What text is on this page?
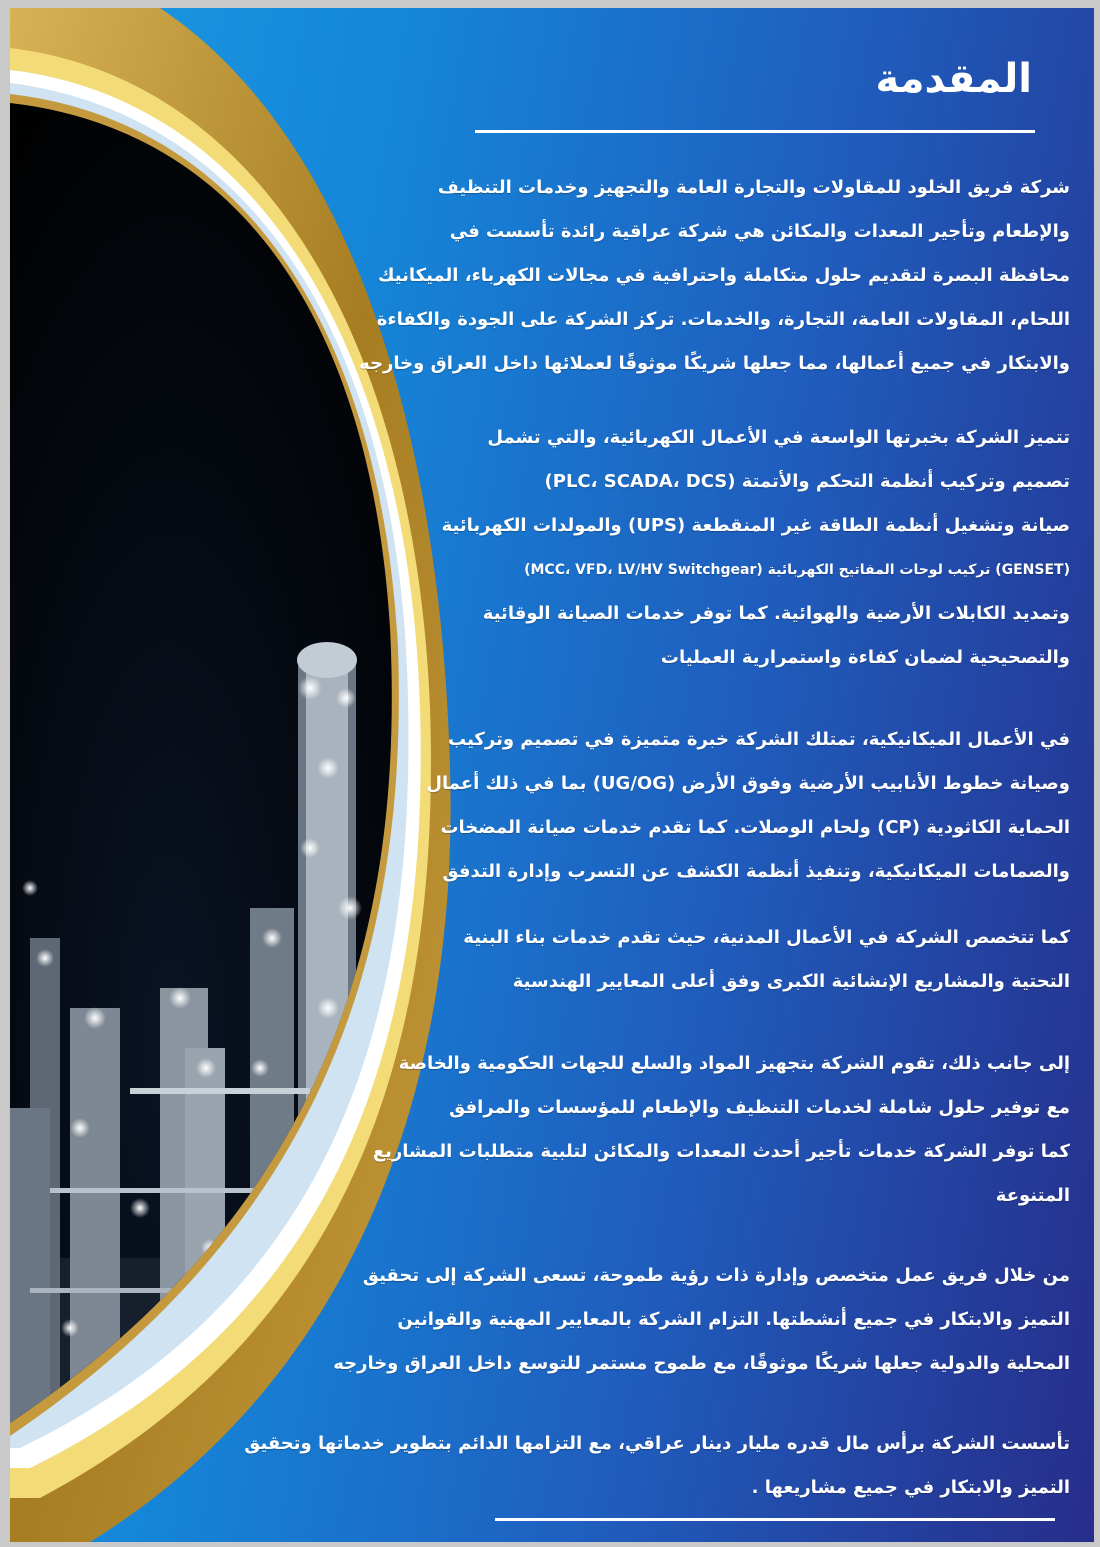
المقدمة

شركة فريق الخلود للمقاولات والتجارة العامة والتجهيز وخدمات التنظيف
والإطعام وتأجير المعدات والمكائن هي شركة عراقية رائدة تأسست في
محافظة البصرة لتقديم حلول متكاملة واحترافية في مجالات الكهرباء، الميكانيك
اللحام، المقاولات العامة، التجارة، والخدمات. تركز الشركة على الجودة والكفاءة
والابتكار في جميع أعمالها، مما جعلها شريكًا موثوقًا لعملائها داخل العراق وخارجه

تتميز الشركة بخبرتها الواسعة في الأعمال الكهربائية، والتي تشمل
تصميم وتركيب أنظمة التحكم والأتمتة (PLC، SCADA، DCS)
صيانة وتشغيل أنظمة الطاقة غير المنقطعة (UPS) والمولدات الكهربائية
(GENSET) تركيب لوحات المفاتيح الكهربائية (MCC، VFD، LV/HV Switchgear)
وتمديد الكابلات الأرضية والهوائية. كما توفر خدمات الصيانة الوقائية
والتصحيحية لضمان كفاءة واستمرارية العمليات

في الأعمال الميكانيكية، تمتلك الشركة خبرة متميزة في تصميم وتركيب
وصيانة خطوط الأنابيب الأرضية وفوق الأرض (UG/OG) بما في ذلك أعمال
الحماية الكاثودية (CP) ولحام الوصلات. كما تقدم خدمات صيانة المضخات
والصمامات الميكانيكية، وتنفيذ أنظمة الكشف عن التسرب وإدارة التدفق

كما تتخصص الشركة في الأعمال المدنية، حيث تقدم خدمات بناء البنية
التحتية والمشاريع الإنشائية الكبرى وفق أعلى المعايير الهندسية

إلى جانب ذلك، تقوم الشركة بتجهيز المواد والسلع للجهات الحكومية والخاصة
مع توفير حلول شاملة لخدمات التنظيف والإطعام للمؤسسات والمرافق
كما توفر الشركة خدمات تأجير أحدث المعدات والمكائن لتلبية متطلبات المشاريع
المتنوعة

من خلال فريق عمل متخصص وإدارة ذات رؤية طموحة، تسعى الشركة إلى تحقيق
التميز والابتكار في جميع أنشطتها. التزام الشركة بالمعايير المهنية والقوانين
المحلية والدولية جعلها شريكًا موثوقًا، مع طموح مستمر للتوسع داخل العراق وخارجه

تأسست الشركة برأس مال قدره مليار دينار عراقي، مع التزامها الدائم بتطوير خدماتها وتحقيق
التميز والابتكار في جميع مشاريعها .
